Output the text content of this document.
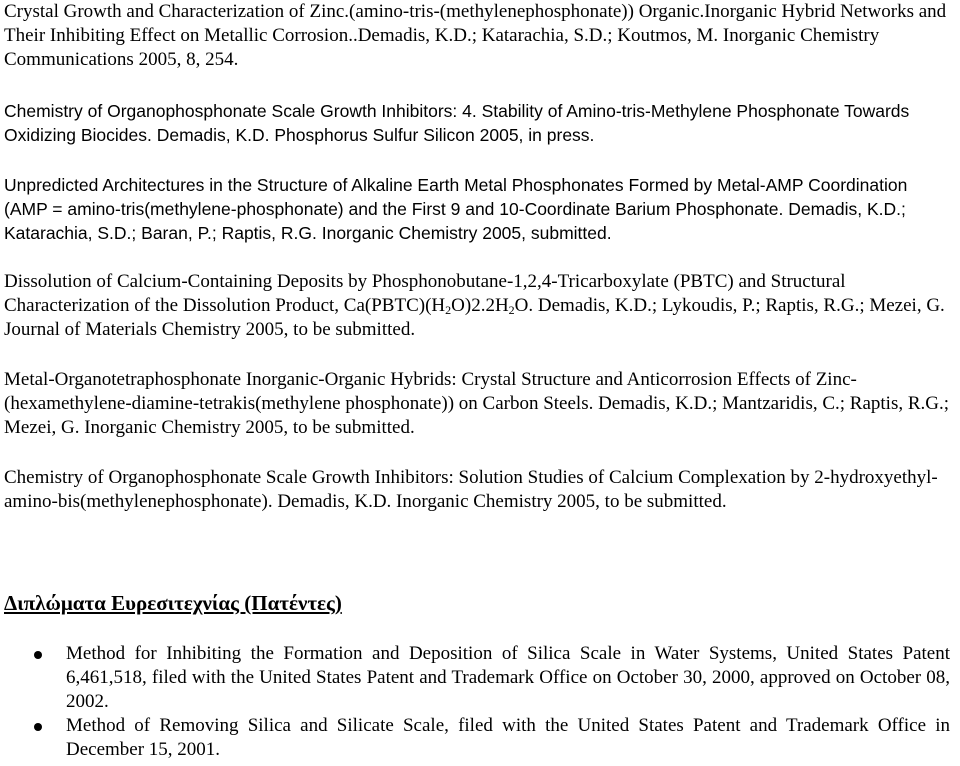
Crystal Growth and Characterization of Zinc.(amino-tris-(methylenephosphonate)) Organic.Inorganic Hybrid Networks and Their Inhibiting Effect on Metallic Corrosion..Demadis, K.D.; Katarachia, S.D.; Koutmos, M. Inorganic Chemistry Communications 2005, 8, 254.

Chemistry of Organophosphonate Scale Growth Inhibitors: 4. Stability of Amino-tris-Methylene Phosphonate Towards Oxidizing Biocides. Demadis, K.D. Phosphorus Sulfur Silicon 2005, in press.

Unpredicted Architectures in the Structure of Alkaline Earth Metal Phosphonates Formed by Metal-AMP Coordination (AMP = amino-tris(methylene-phosphonate) and the First 9 and 10-Coordinate Barium Phosphonate. Demadis, K.D.; Katarachia, S.D.; Baran, P.; Raptis, R.G. Inorganic Chemistry 2005, submitted.

Dissolution of Calcium-Containing Deposits by Phosphonobutane-1,2,4-Tricarboxylate (PBTC) and Structural Characterization of the Dissolution Product, $Ca(PBTC)(H_2O)2.2H_2O$. Demadis, K.D.; Lykoudis, P.; Raptis, R.G.; Mezei, G. Journal of Materials Chemistry 2005, to be submitted.

Metal-Organotetraphosphonate Inorganic-Organic Hybrids: Crystal Structure and Anticorrosion Effects of Zinc-(hexamethylene-diamine-tetrakis(methylene phosphonate)) on Carbon Steels. Demadis, K.D.; Mantzaridis, C.; Raptis, R.G.; Mezei, G. Inorganic Chemistry 2005, to be submitted.

Chemistry of Organophosphonate Scale Growth Inhibitors: Solution Studies of Calcium Complexation by 2-hydroxyethyl-amino-bis(methylenephosphonate). Demadis, K.D. Inorganic Chemistry 2005, to be submitted.

Διπλώματα Ευρεσιτεχνίας (Πατέντες)
Method for Inhibiting the Formation and Deposition of Silica Scale in Water Systems, United States Patent 6,461,518, filed with the United States Patent and Trademark Office on October 30, 2000, approved on October 08, 2002.
Method of Removing Silica and Silicate Scale, filed with the United States Patent and Trademark Office in December 15, 2001.
